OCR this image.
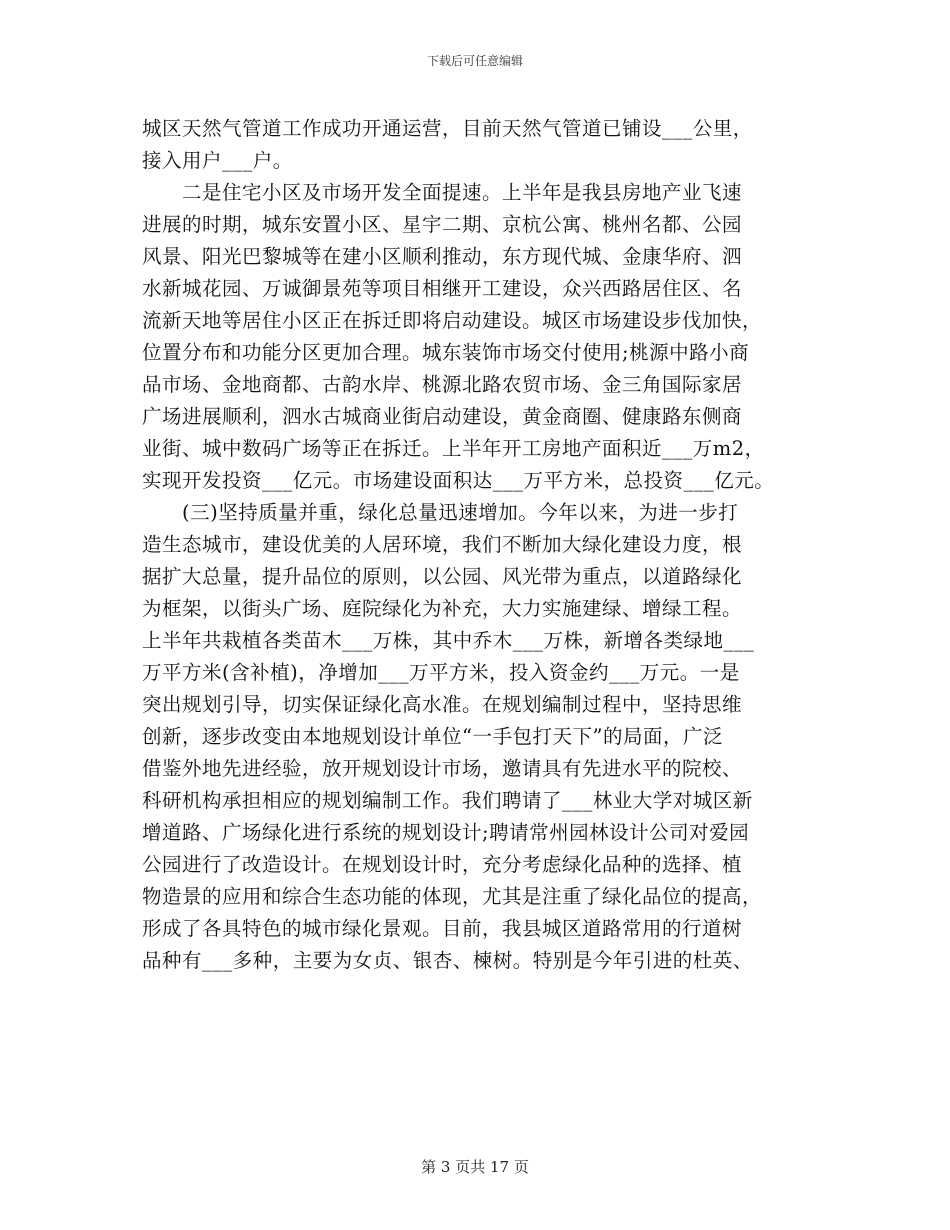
下载后可任意编辑
城区天然气管道工作成功开通运营，目前天然气管道已铺设___公里，
接入用户___户。
　　二是住宅小区及市场开发全面提速。上半年是我县房地产业飞速
进展的时期，城东安置小区、星宇二期、京杭公寓、桃州名都、公园
风景、阳光巴黎城等在建小区顺利推动，东方现代城、金康华府、泗
水新城花园、万诚御景苑等项目相继开工建设，众兴西路居住区、名
流新天地等居住小区正在拆迁即将启动建设。城区市场建设步伐加快，
位置分布和功能分区更加合理。城东装饰市场交付使用;桃源中路小商
品市场、金地商都、古韵水岸、桃源北路农贸市场、金三角国际家居
广场进展顺利，泗水古城商业街启动建设，黄金商圈、健康路东侧商
业街、城中数码广场等正在拆迁。上半年开工房地产面积近___万m2，
实现开发投资___亿元。市场建设面积达___万平方米，总投资___亿元。
　　(三)坚持质量并重，绿化总量迅速增加。今年以来，为进一步打
造生态城市，建设优美的人居环境，我们不断加大绿化建设力度，根
据扩大总量，提升品位的原则，以公园、风光带为重点，以道路绿化
为框架，以街头广场、庭院绿化为补充，大力实施建绿、增绿工程。
上半年共栽植各类苗木___万株，其中乔木___万株，新增各类绿地___
万平方米(含补植)，净增加___万平方米，投入资金约___万元。一是
突出规划引导，切实保证绿化高水准。在规划编制过程中，坚持思维
创新，逐步改变由本地规划设计单位“一手包打天下”的局面，广泛
借鉴外地先进经验，放开规划设计市场，邀请具有先进水平的院校、
科研机构承担相应的规划编制工作。我们聘请了___林业大学对城区新
增道路、广场绿化进行系统的规划设计;聘请常州园林设计公司对爱园
公园进行了改造设计。在规划设计时，充分考虑绿化品种的选择、植
物造景的应用和综合生态功能的体现，尤其是注重了绿化品位的提高，
形成了各具特色的城市绿化景观。目前，我县城区道路常用的行道树
品种有___多种，主要为女贞、银杏、楝树。特别是今年引进的杜英、
第 3 页共 17 页
